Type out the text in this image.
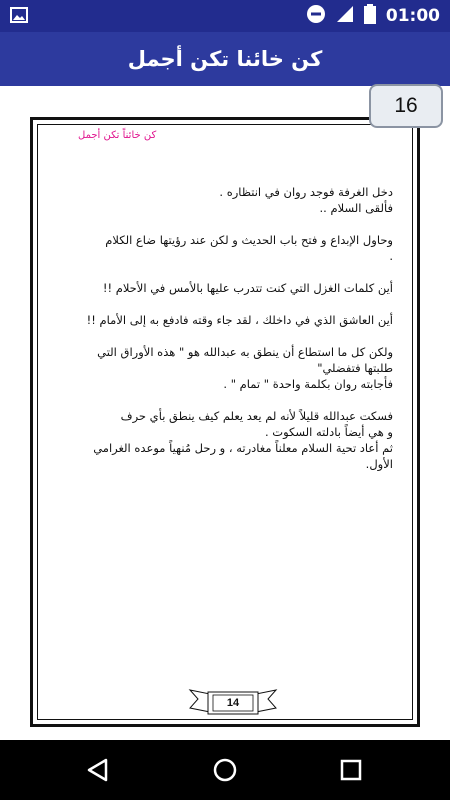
01:00
كن خائنا تكن أجمل
كن خائناً تكن أجمل
دخل الغرفة فوجد روان في انتظاره .
فألقى السلام ..
وحاول الإبداع و فتح باب الحديث و لكن عند رؤيتها ضاع الكلام
.
أين كلمات الغزل التي كنت تتدرب عليها بالأمس في الأحلام !!
أين العاشق الذي في داخلك ، لقد جاء وقته فادفع به إلى الأمام !!
ولكن كل ما استطاع أن ينطق به عبدالله هو " هذه الأوراق التي
طلبتها فتفضلي"
فأجابته روان بكلمة واحدة " تمام " .
فسكت عبدالله قليلاً لأنه لم يعد يعلم كيف ينطق بأي حرف
و هي أيضاً بادلته السكوت .
ثم أعاد تحية السلام معلناً مغادرته ، و رحل مُنهياً موعده الغرامي
الأول.
14
16
